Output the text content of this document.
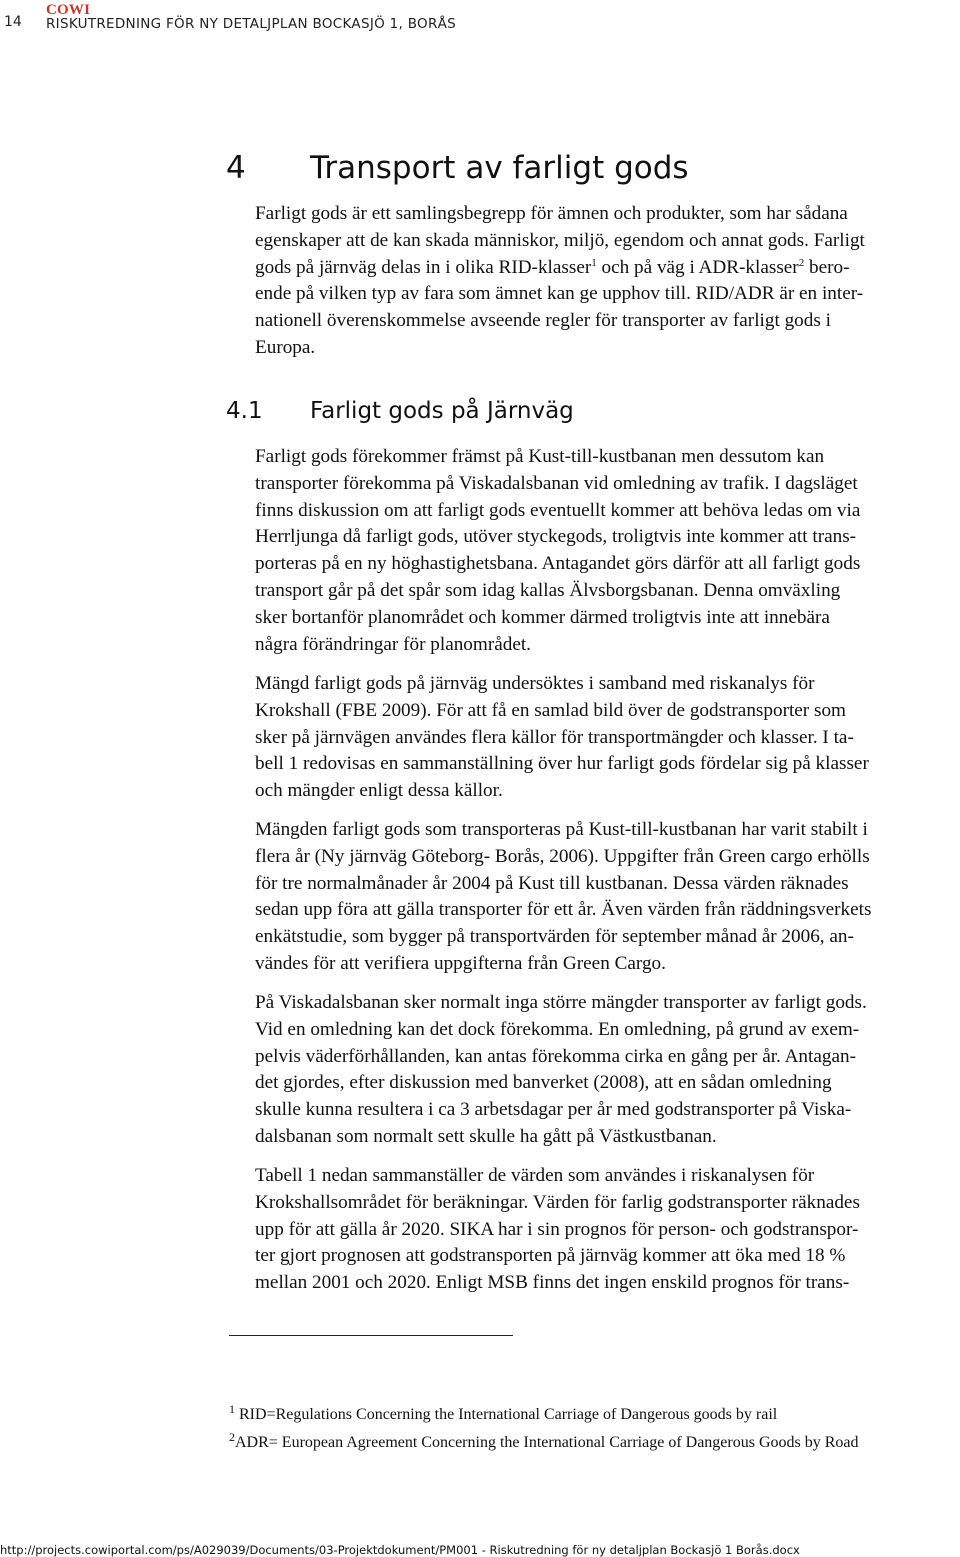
14
COWI
RISKUTREDNING FÖR NY DETALJPLAN BOCKASJÖ 1, BORÅS
4 Transport av farligt gods
Farligt gods är ett samlingsbegrepp för ämnen och produkter, som har sådana
egenskaper att de kan skada människor, miljö, egendom och annat gods. Farligt
gods på järnväg delas in i olika RID-klasser$^1$ och på väg i ADR-klasser$^2$ bero-
ende på vilken typ av fara som ämnet kan ge upphov till. RID/ADR är en inter-
nationell överenskommelse avseende regler för transporter av farligt gods i
Europa.
4.1 Farligt gods på Järnväg
Farligt gods förekommer främst på Kust-till-kustbanan men dessutom kan
transporter förekomma på Viskadalsbanan vid omledning av trafik. I dagsläget
finns diskussion om att farligt gods eventuellt kommer att behöva ledas om via
Herrljunga då farligt gods, utöver styckegods, troligtvis inte kommer att trans-
porteras på en ny höghastighetsbana. Antagandet görs därför att all farligt gods
transport går på det spår som idag kallas Älvsborgsbanan. Denna omväxling
sker bortanför planområdet och kommer därmed troligtvis inte att innebära
några förändringar för planområdet.
Mängd farligt gods på järnväg undersöktes i samband med riskanalys för
Krokshall (FBE 2009). För att få en samlad bild över de godstransporter som
sker på järnvägen användes flera källor för transportmängder och klasser. I ta-
bell 1 redovisas en sammanställning över hur farligt gods fördelar sig på klasser
och mängder enligt dessa källor.
Mängden farligt gods som transporteras på Kust-till-kustbanan har varit stabilt i
flera år (Ny järnväg Göteborg- Borås, 2006). Uppgifter från Green cargo erhölls
för tre normalmånader år 2004 på Kust till kustbanan. Dessa värden räknades
sedan upp föra att gälla transporter för ett år. Även värden från räddningsverkets
enkätstudie, som bygger på transportvärden för september månad år 2006, an-
vändes för att verifiera uppgifterna från Green Cargo.
På Viskadalsbanan sker normalt inga större mängder transporter av farligt gods.
Vid en omledning kan det dock förekomma. En omledning, på grund av exem-
pelvis väderförhållanden, kan antas förekomma cirka en gång per år. Antagan-
det gjordes, efter diskussion med banverket (2008), att en sådan omledning
skulle kunna resultera i ca 3 arbetsdagar per år med godstransporter på Viska-
dalsbanan som normalt sett skulle ha gått på Västkustbanan.
Tabell 1 nedan sammanställer de värden som användes i riskanalysen för
Krokshallsområdet för beräkningar. Värden för farlig godstransporter räknades
upp för att gälla år 2020. SIKA har i sin prognos för person- och godstranspor-
ter gjort prognosen att godstransporten på järnväg kommer att öka med 18 %
mellan 2001 och 2020. Enligt MSB finns det ingen enskild prognos för trans-
$^1$ RID=Regulations Concerning the International Carriage of Dangerous goods by rail
$^2$ADR= European Agreement Concerning the International Carriage of Dangerous Goods by Road
http://projects.cowiportal.com/ps/A029039/Documents/03-Projektdokument/PM001 - Riskutredning för ny detaljplan Bockasjö 1 Borås.docx
